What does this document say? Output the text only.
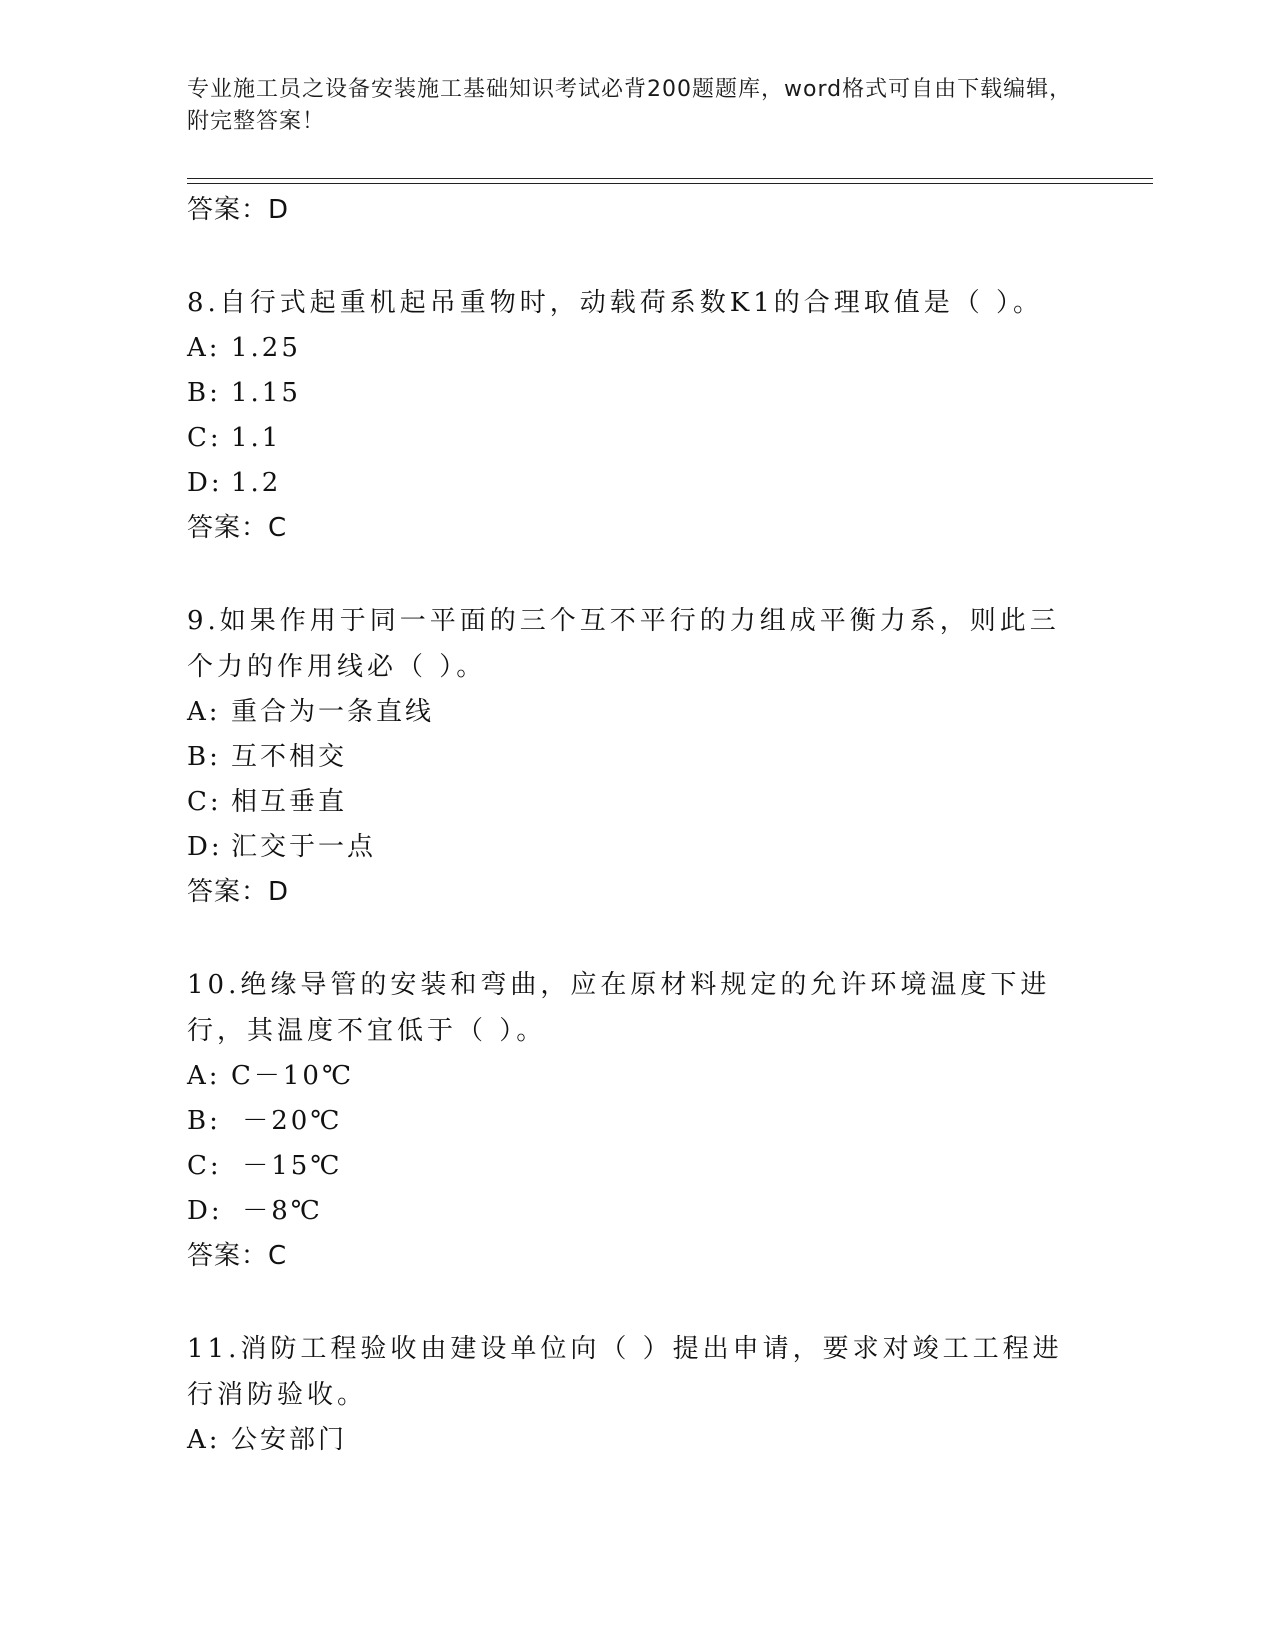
专业施工员之设备安装施工基础知识考试必背200题题库，word格式可自由下载编辑，附完整答案！
答案：D
8.自行式起重机起吊重物时，动载荷系数K1的合理取值是（ ）。
A: 1.25
B: 1.15
C: 1.1
D: 1.2
答案：C
9.如果作用于同一平面的三个互不平行的力组成平衡力系，则此三个力的作用线必（ ）。
A: 重合为一条直线
B: 互不相交
C: 相互垂直
D: 汇交于一点
答案：D
10.绝缘导管的安装和弯曲，应在原材料规定的允许环境温度下进行，其温度不宜低于（ ）。
A: C－10℃
B: －20℃
C: －15℃
D: －8℃
答案：C
11.消防工程验收由建设单位向（ ）提出申请，要求对竣工工程进行消防验收。
A: 公安部门
